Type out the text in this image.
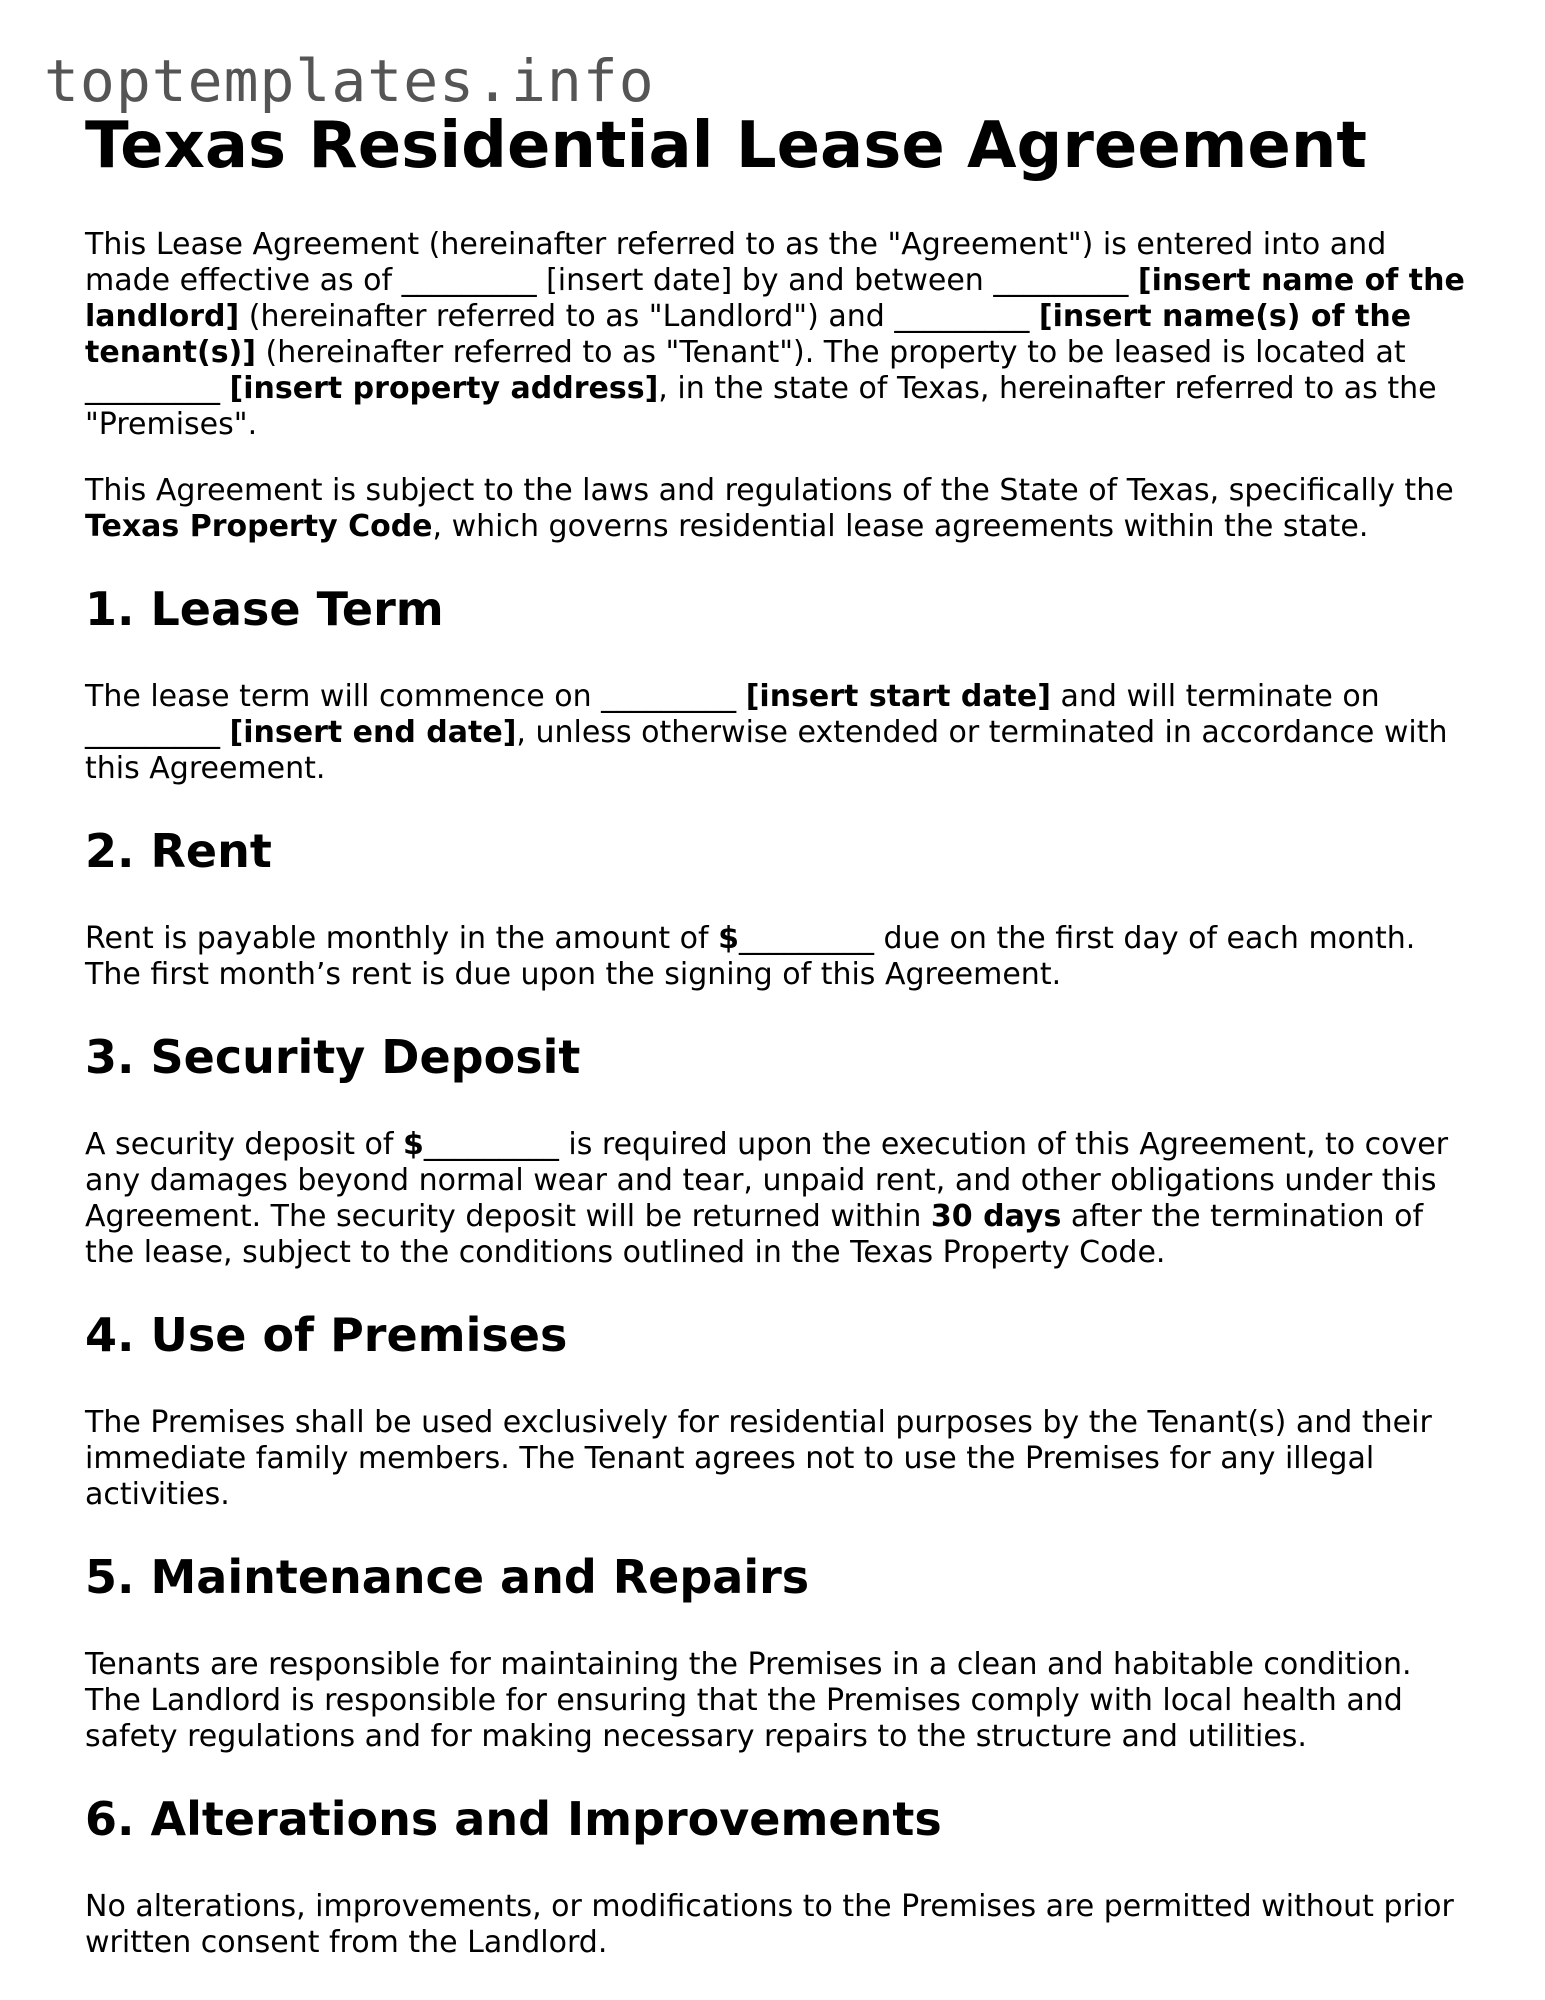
toptemplates.info
Texas Residential Lease Agreement

This Lease Agreement (hereinafter referred to as the "Agreement") is entered into and made effective as of _________ [insert date] by and between _________ [insert name of the landlord] (hereinafter referred to as "Landlord") and _________ [insert name(s) of the tenant(s)] (hereinafter referred to as "Tenant"). The property to be leased is located at _________ [insert property address], in the state of Texas, hereinafter referred to as the "Premises".

This Agreement is subject to the laws and regulations of the State of Texas, specifically the Texas Property Code, which governs residential lease agreements within the state.

1. Lease Term

The lease term will commence on _________ [insert start date] and will terminate on _________ [insert end date], unless otherwise extended or terminated in accordance with this Agreement.

2. Rent

Rent is payable monthly in the amount of $_________ due on the first day of each month. The first month’s rent is due upon the signing of this Agreement.

3. Security Deposit

A security deposit of $_________ is required upon the execution of this Agreement, to cover any damages beyond normal wear and tear, unpaid rent, and other obligations under this Agreement. The security deposit will be returned within 30 days after the termination of the lease, subject to the conditions outlined in the Texas Property Code.

4. Use of Premises

The Premises shall be used exclusively for residential purposes by the Tenant(s) and their immediate family members. The Tenant agrees not to use the Premises for any illegal activities.

5. Maintenance and Repairs

Tenants are responsible for maintaining the Premises in a clean and habitable condition. The Landlord is responsible for ensuring that the Premises comply with local health and safety regulations and for making necessary repairs to the structure and utilities.

6. Alterations and Improvements

No alterations, improvements, or modifications to the Premises are permitted without prior written consent from the Landlord.
